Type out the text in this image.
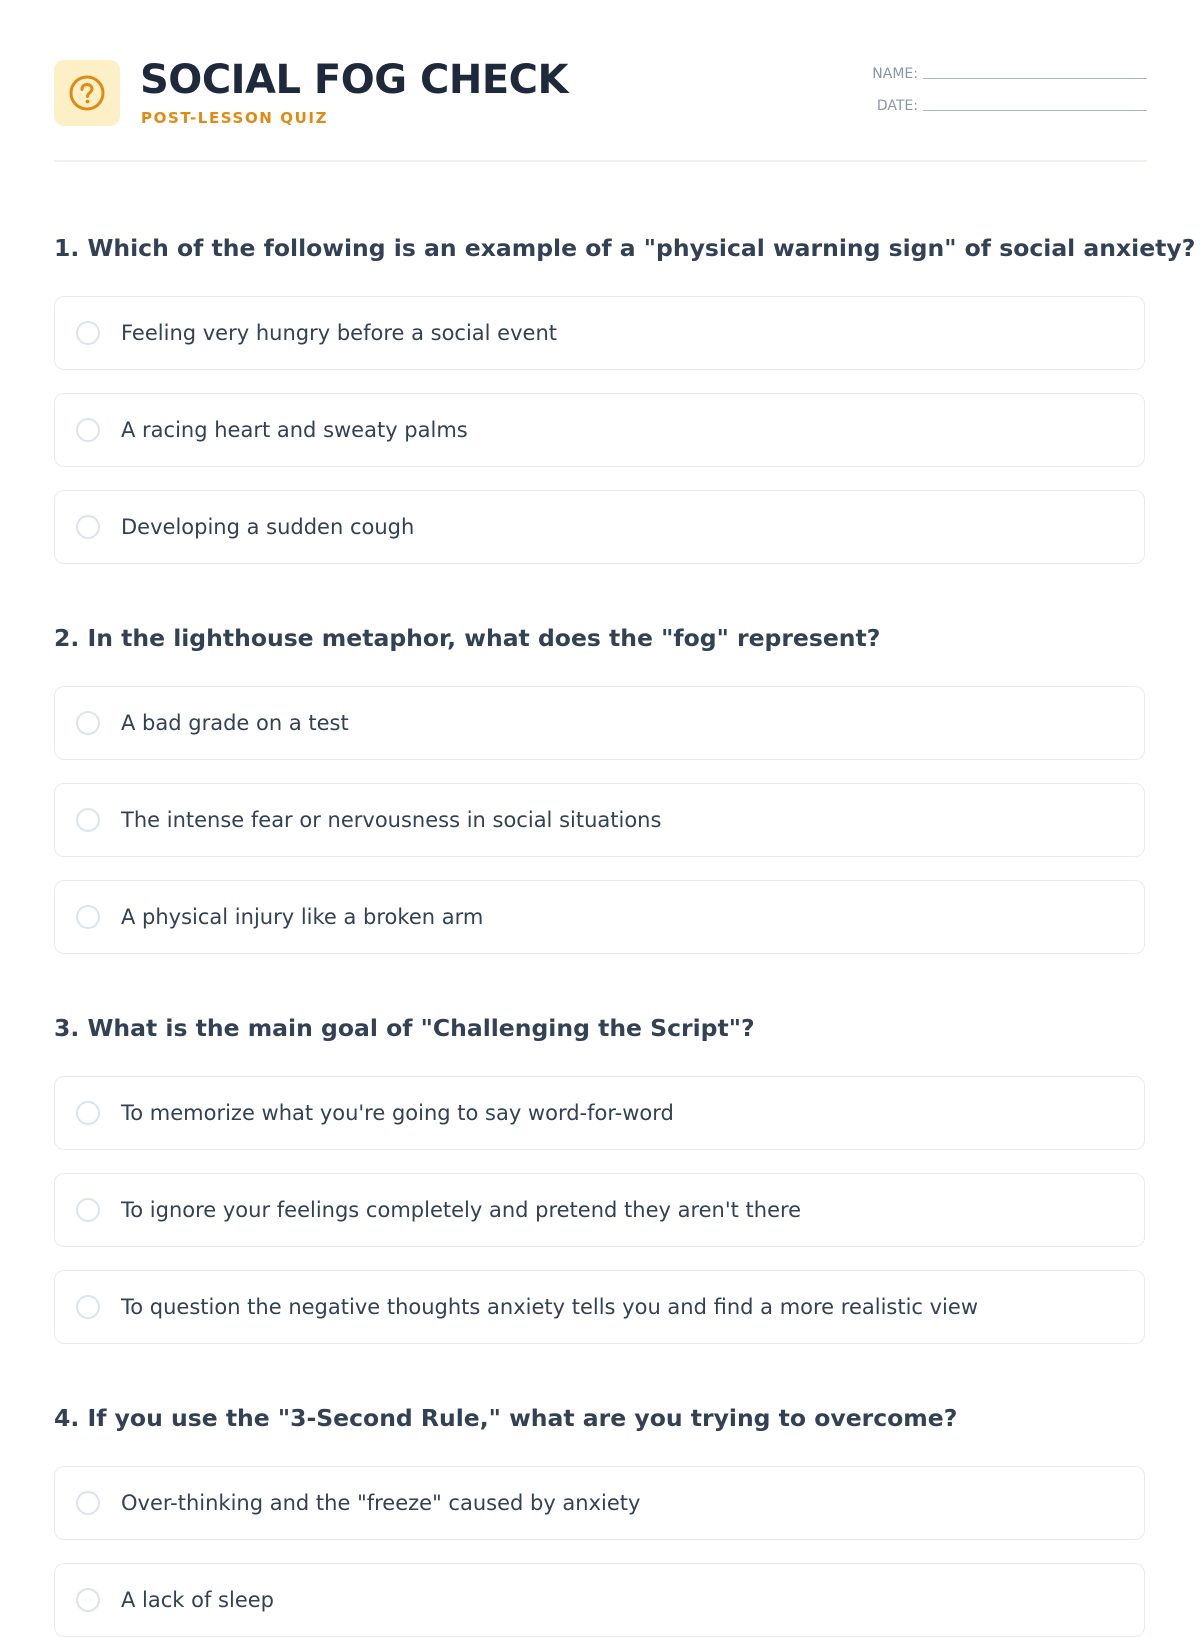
SOCIAL FOG CHECK
POST-LESSON QUIZ
NAME:
DATE:
1. Which of the following is an example of a "physical warning sign" of social anxiety?
Feeling very hungry before a social event
A racing heart and sweaty palms
Developing a sudden cough
2. In the lighthouse metaphor, what does the "fog" represent?
A bad grade on a test
The intense fear or nervousness in social situations
A physical injury like a broken arm
3. What is the main goal of "Challenging the Script"?
To memorize what you're going to say word-for-word
To ignore your feelings completely and pretend they aren't there
To question the negative thoughts anxiety tells you and find a more realistic view
4. If you use the "3-Second Rule," what are you trying to overcome?
Over-thinking and the "freeze" caused by anxiety
A lack of sleep
